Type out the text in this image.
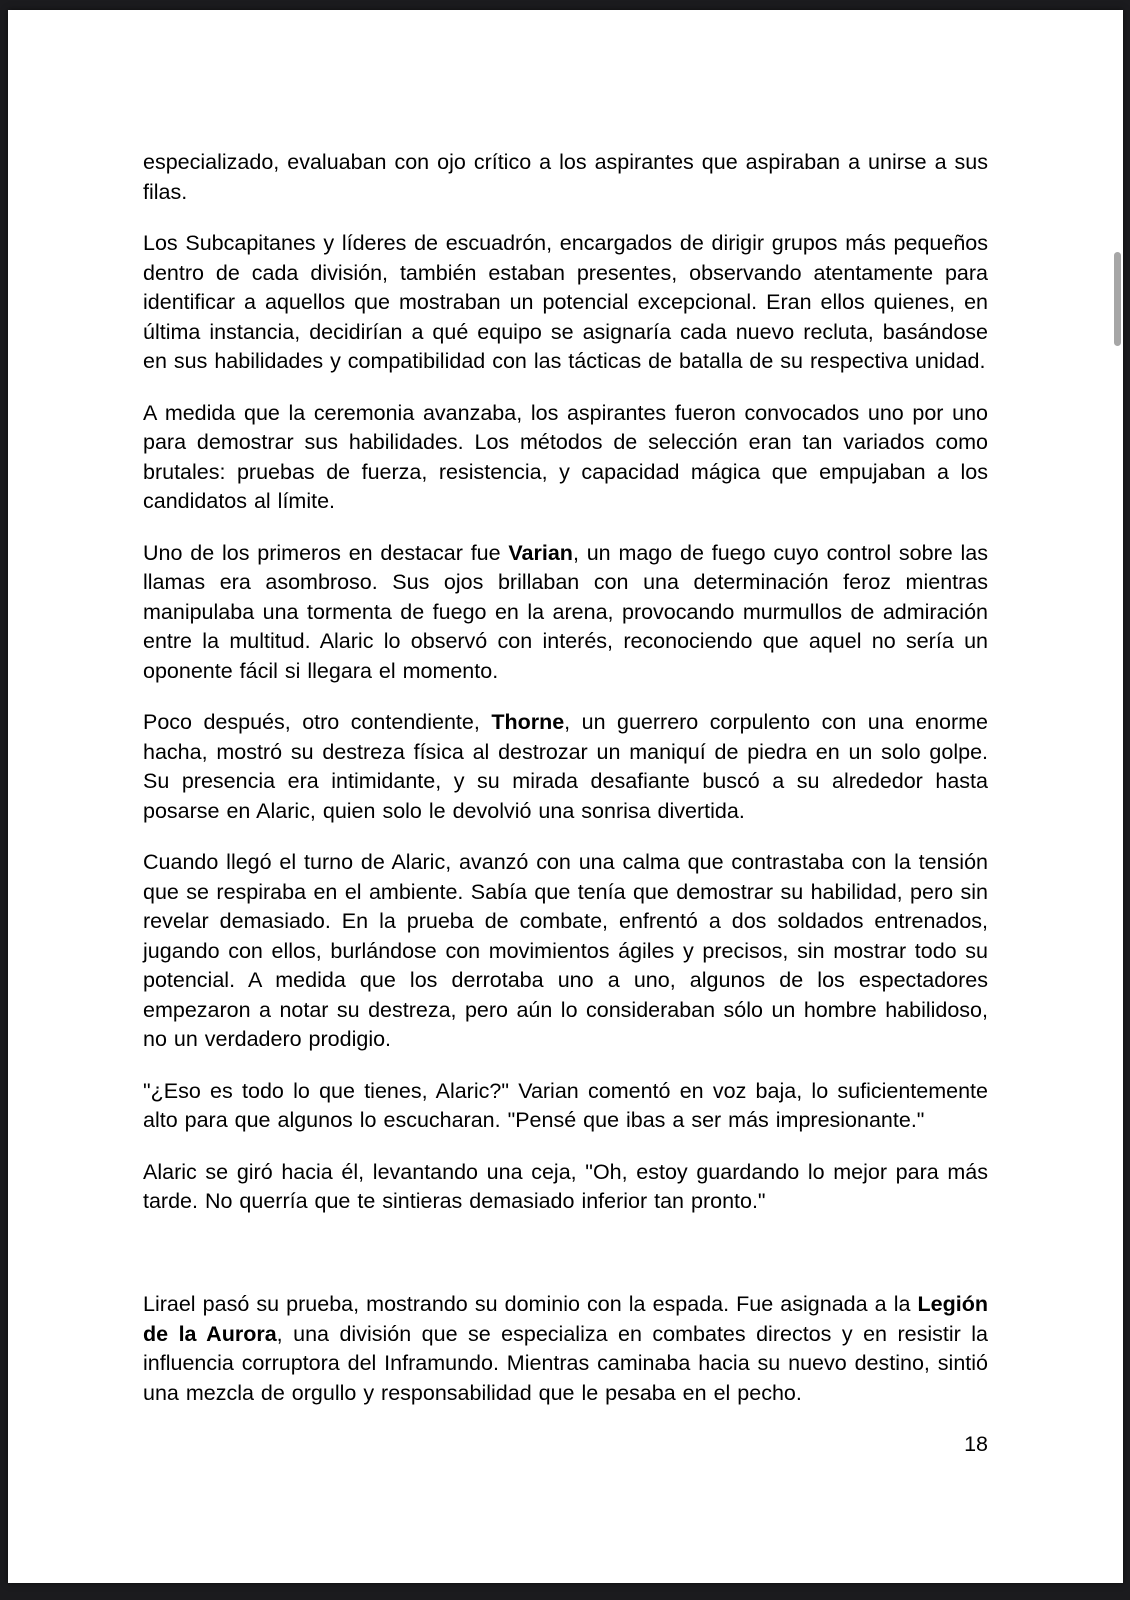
especializado, evaluaban con ojo crítico a los aspirantes que aspiraban a unirse a sus filas.

Los Subcapitanes y líderes de escuadrón, encargados de dirigir grupos más pequeños dentro de cada división, también estaban presentes, observando atentamente para identificar a aquellos que mostraban un potencial excepcional. Eran ellos quienes, en última instancia, decidirían a qué equipo se asignaría cada nuevo recluta, basándose en sus habilidades y compatibilidad con las tácticas de batalla de su respectiva unidad.

A medida que la ceremonia avanzaba, los aspirantes fueron convocados uno por uno para demostrar sus habilidades. Los métodos de selección eran tan variados como brutales: pruebas de fuerza, resistencia, y capacidad mágica que empujaban a los candidatos al límite.

Uno de los primeros en destacar fue Varian, un mago de fuego cuyo control sobre las llamas era asombroso. Sus ojos brillaban con una determinación feroz mientras manipulaba una tormenta de fuego en la arena, provocando murmullos de admiración entre la multitud. Alaric lo observó con interés, reconociendo que aquel no sería un oponente fácil si llegara el momento.

Poco después, otro contendiente, Thorne, un guerrero corpulento con una enorme hacha, mostró su destreza física al destrozar un maniquí de piedra en un solo golpe. Su presencia era intimidante, y su mirada desafiante buscó a su alrededor hasta posarse en Alaric, quien solo le devolvió una sonrisa divertida.

Cuando llegó el turno de Alaric, avanzó con una calma que contrastaba con la tensión que se respiraba en el ambiente. Sabía que tenía que demostrar su habilidad, pero sin revelar demasiado. En la prueba de combate, enfrentó a dos soldados entrenados, jugando con ellos, burlándose con movimientos ágiles y precisos, sin mostrar todo su potencial. A medida que los derrotaba uno a uno, algunos de los espectadores empezaron a notar su destreza, pero aún lo consideraban sólo un hombre habilidoso, no un verdadero prodigio.

"¿Eso es todo lo que tienes, Alaric?" Varian comentó en voz baja, lo suficientemente alto para que algunos lo escucharan. "Pensé que ibas a ser más impresionante."

Alaric se giró hacia él, levantando una ceja, "Oh, estoy guardando lo mejor para más tarde. No querría que te sintieras demasiado inferior tan pronto."

Lirael pasó su prueba, mostrando su dominio con la espada. Fue asignada a la Legión de la Aurora, una división que se especializa en combates directos y en resistir la influencia corruptora del Inframundo. Mientras caminaba hacia su nuevo destino, sintió una mezcla de orgullo y responsabilidad que le pesaba en el pecho.

18
